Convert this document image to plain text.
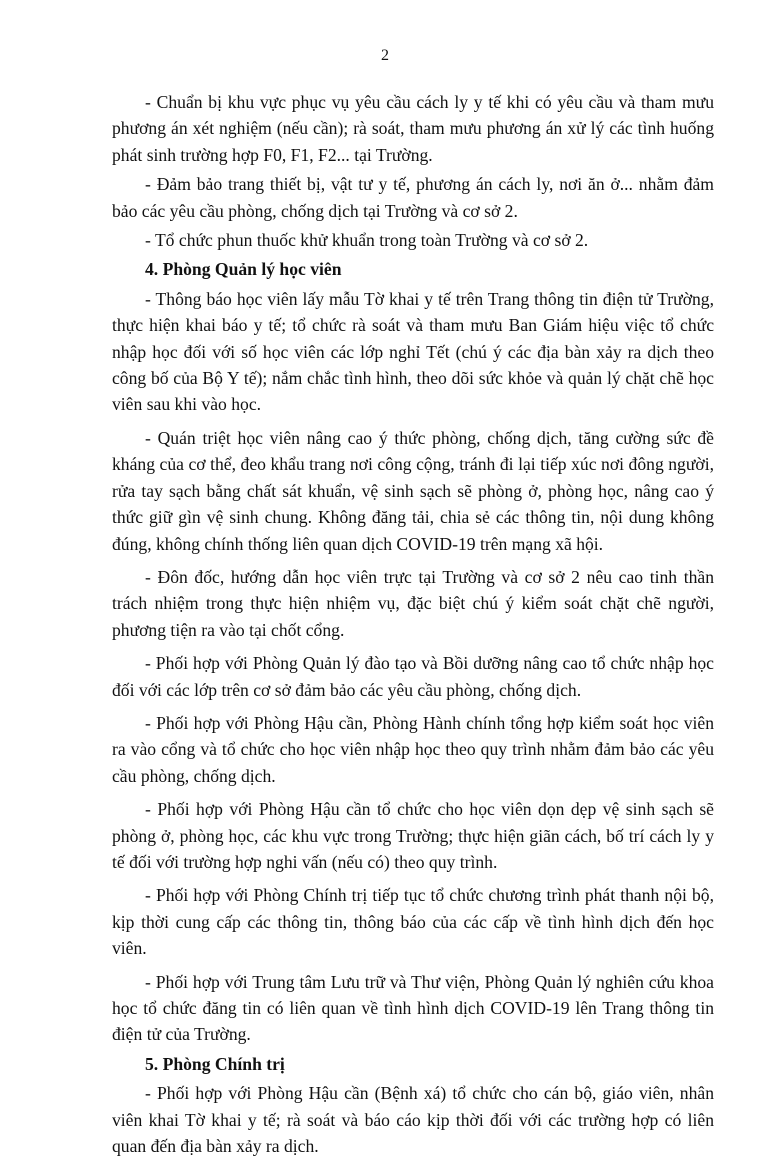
2

- Chuẩn bị khu vực phục vụ yêu cầu cách ly y tế khi có yêu cầu và tham mưu phương án xét nghiệm (nếu cần); rà soát, tham mưu phương án xử lý các tình huống phát sinh trường hợp F0, F1, F2... tại Trường.

- Đảm bảo trang thiết bị, vật tư y tế, phương án cách ly, nơi ăn ở... nhằm đảm bảo các yêu cầu phòng, chống dịch tại Trường và cơ sở 2.

- Tổ chức phun thuốc khử khuẩn trong toàn Trường và cơ sở 2.

4. Phòng Quản lý học viên

- Thông báo học viên lấy mẫu Tờ khai y tế trên Trang thông tin điện tử Trường, thực hiện khai báo y tế; tổ chức rà soát và tham mưu Ban Giám hiệu việc tổ chức nhập học đối với số học viên các lớp nghỉ Tết (chú ý các địa bàn xảy ra dịch theo công bố của Bộ Y tế); nắm chắc tình hình, theo dõi sức khỏe và quản lý chặt chẽ học viên sau khi vào học.

- Quán triệt học viên nâng cao ý thức phòng, chống dịch, tăng cường sức đề kháng của cơ thể, đeo khẩu trang nơi công cộng, tránh đi lại tiếp xúc nơi đông người, rửa tay sạch bằng chất sát khuẩn, vệ sinh sạch sẽ phòng ở, phòng học, nâng cao ý thức giữ gìn vệ sinh chung. Không đăng tải, chia sẻ các thông tin, nội dung không đúng, không chính thống liên quan dịch COVID-19 trên mạng xã hội.

- Đôn đốc, hướng dẫn học viên trực tại Trường và cơ sở 2 nêu cao tinh thần trách nhiệm trong thực hiện nhiệm vụ, đặc biệt chú ý kiểm soát chặt chẽ người, phương tiện ra vào tại chốt cổng.

- Phối hợp với Phòng Quản lý đào tạo và Bồi dưỡng nâng cao tổ chức nhập học đối với các lớp trên cơ sở đảm bảo các yêu cầu phòng, chống dịch.

- Phối hợp với Phòng Hậu cần, Phòng Hành chính tổng hợp kiểm soát học viên ra vào cổng và tổ chức cho học viên nhập học theo quy trình nhằm đảm bảo các yêu cầu phòng, chống dịch.

- Phối hợp với Phòng Hậu cần tổ chức cho học viên dọn dẹp vệ sinh sạch sẽ phòng ở, phòng học, các khu vực trong Trường; thực hiện giãn cách, bố trí cách ly y tế đối với trường hợp nghi vấn (nếu có) theo quy trình.

- Phối hợp với Phòng Chính trị tiếp tục tổ chức chương trình phát thanh nội bộ, kịp thời cung cấp các thông tin, thông báo của các cấp về tình hình dịch đến học viên.

- Phối hợp với Trung tâm Lưu trữ và Thư viện, Phòng Quản lý nghiên cứu khoa học tổ chức đăng tin có liên quan về tình hình dịch COVID-19 lên Trang thông tin điện tử của Trường.

5. Phòng Chính trị

- Phối hợp với Phòng Hậu cần (Bệnh xá) tổ chức cho cán bộ, giáo viên, nhân viên khai Tờ khai y tế; rà soát và báo cáo kịp thời đối với các trường hợp có liên quan đến địa bàn xảy ra dịch.
